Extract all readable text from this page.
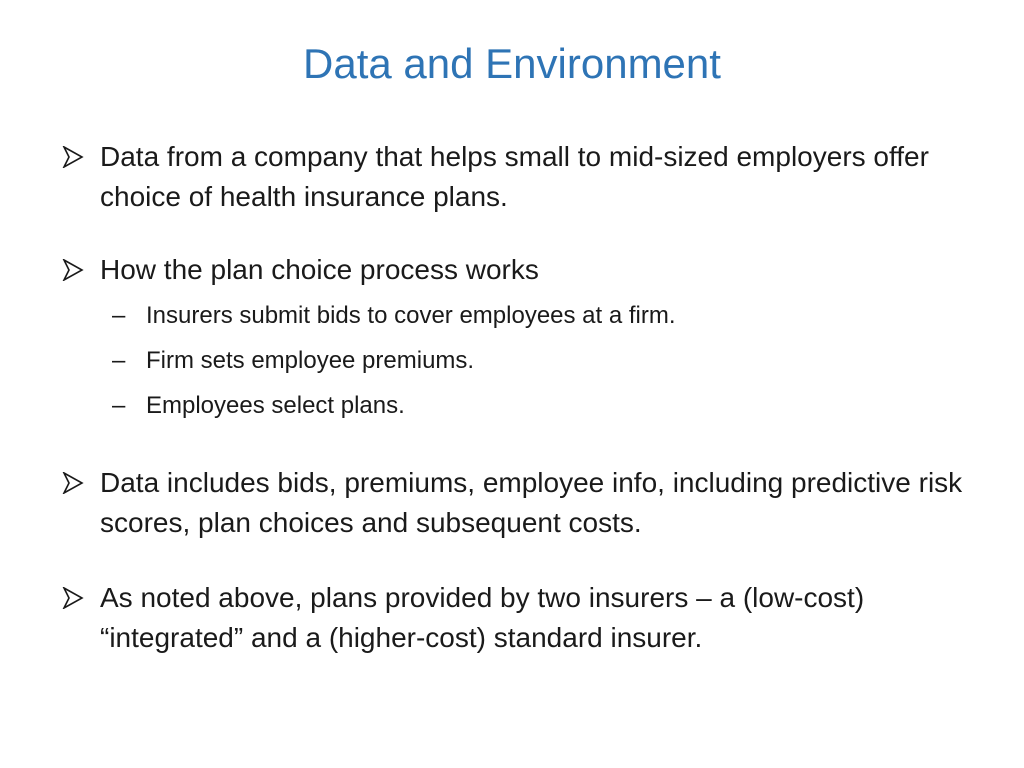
Data and Environment
Data from a company that helps small to mid-sized employers offer choice of health insurance plans.
How the plan choice process works
– Insurers submit bids to cover employees at a firm.
– Firm sets employee premiums.
– Employees select plans.
Data includes bids, premiums, employee info, including predictive risk scores, plan choices and subsequent costs.
As noted above, plans provided by two insurers – a (low-cost) “integrated” and a (higher-cost) standard insurer.
